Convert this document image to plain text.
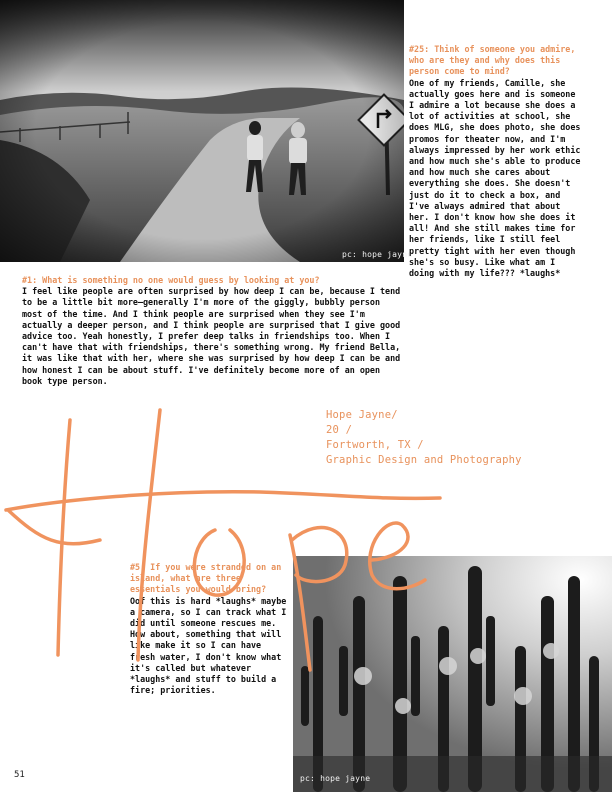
pc: hope jayne
#25: Think of someone you admire, who are they and why does this person come to mind?
One of my friends, Camille, she actually goes here and is someone I admire a lot because she does a lot of activities at school, she does MLG, she does photo, she does promos for theater now, and I'm always impressed by her work ethic and how much she's able to produce and how much she cares about everything she does. She doesn't just do it to check a box, and I've always admired that about her. I don't know how she does it all! And she still makes time for her friends, like I still feel pretty tight with her even though she's so busy. Like what am I doing with my life??? *laughs*
#1: What is something no one would guess by looking at you?
I feel like people are often surprised by how deep I can be, because I tend to be a little bit more—generally I'm more of the giggly, bubbly person most of the time. And I think people are surprised when they see I'm actually a deeper person, and I think people are surprised that I give good advice too. Yeah honestly, I prefer deep talks in friendships too. When I can't have that with friendships, there's something wrong. My friend Bella, it was like that with her, where she was surprised by how deep I can be and how honest I can be about stuff. I've definitely become more of an open book type person.
Hope Jayne/
20 /
Fortworth, TX /
Graphic Design and Photography
pc: hope jayne
#5: If you were stranded on an island, what are three essentials you would bring?
Oof this is hard *laughs* maybe a camera, so I can track what I did until someone rescues me. How about, something that will like make it so I can have fresh water, I don't know what it's called but whatever *laughs* and stuff to build a fire; priorities.
51
